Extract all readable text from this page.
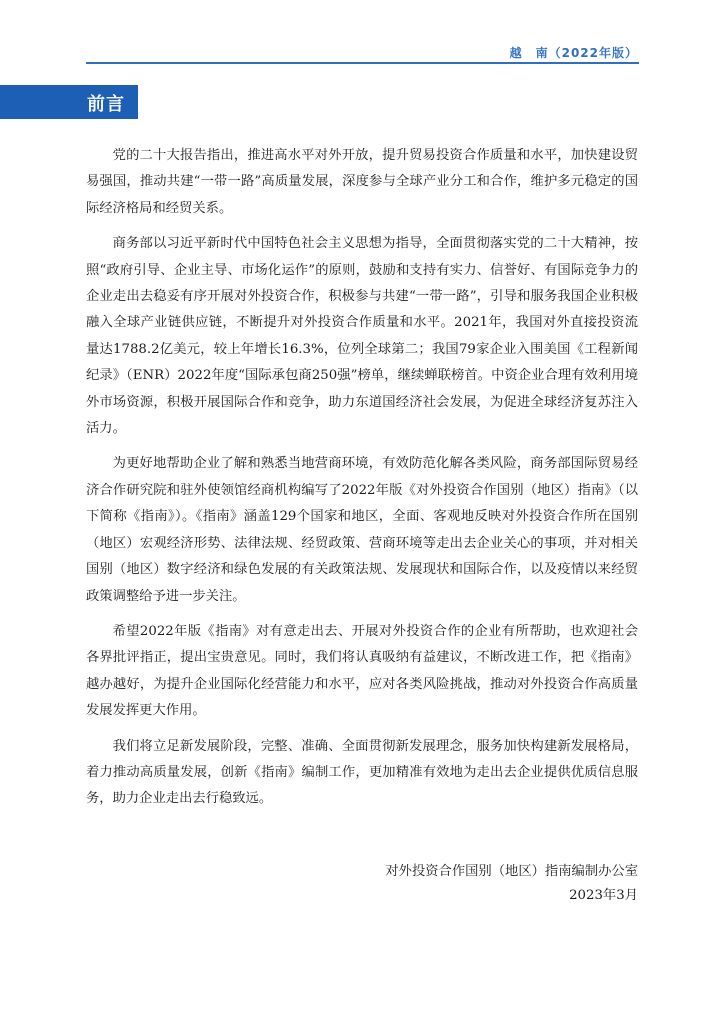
越　南（2022年版）
前言

党的二十大报告指出，推进高水平对外开放，提升贸易投资合作质量和水平，加快建设贸易强国，推动共建“一带一路”高质量发展，深度参与全球产业分工和合作，维护多元稳定的国际经济格局和经贸关系。

商务部以习近平新时代中国特色社会主义思想为指导，全面贯彻落实党的二十大精神，按照“政府引导、企业主导、市场化运作”的原则，鼓励和支持有实力、信誉好、有国际竞争力的企业走出去稳妥有序开展对外投资合作，积极参与共建“一带一路”，引导和服务我国企业积极融入全球产业链供应链，不断提升对外投资合作质量和水平。2021年，我国对外直接投资流量达1788.2亿美元，较上年增长16.3%，位列全球第二；我国79家企业入围美国《工程新闻纪录》（ENR）2022年度“国际承包商250强”榜单，继续蝉联榜首。中资企业合理有效利用境外市场资源，积极开展国际合作和竞争，助力东道国经济社会发展，为促进全球经济复苏注入活力。

为更好地帮助企业了解和熟悉当地营商环境，有效防范化解各类风险，商务部国际贸易经济合作研究院和驻外使领馆经商机构编写了2022年版《对外投资合作国别（地区）指南》（以下简称《指南》）。《指南》涵盖129个国家和地区，全面、客观地反映对外投资合作所在国别（地区）宏观经济形势、法律法规、经贸政策、营商环境等走出去企业关心的事项，并对相关国别（地区）数字经济和绿色发展的有关政策法规、发展现状和国际合作，以及疫情以来经贸政策调整给予进一步关注。

希望2022年版《指南》对有意走出去、开展对外投资合作的企业有所帮助，也欢迎社会各界批评指正，提出宝贵意见。同时，我们将认真吸纳有益建议，不断改进工作，把《指南》越办越好，为提升企业国际化经营能力和水平，应对各类风险挑战，推动对外投资合作高质量发展发挥更大作用。

我们将立足新发展阶段，完整、准确、全面贯彻新发展理念，服务加快构建新发展格局，着力推动高质量发展，创新《指南》编制工作，更加精准有效地为走出去企业提供优质信息服务，助力企业走出去行稳致远。

对外投资合作国别（地区）指南编制办公室
2023年3月
